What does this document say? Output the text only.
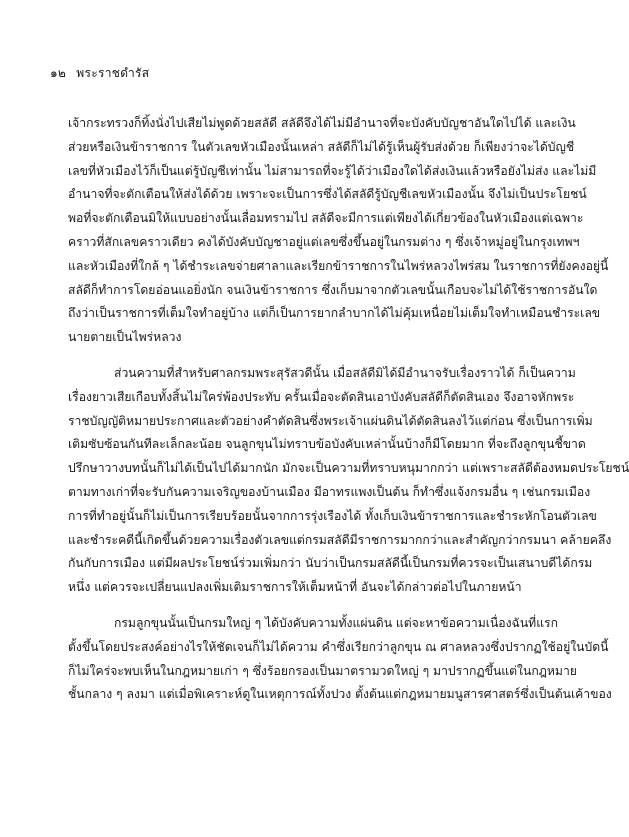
๑๒ พระราชดำรัส
เจ้ากระทรวงก็ทิ้งนั่งไปเสียไม่พูดด้วยสลัดี สลัดีจึงได้ไม่มีอำนาจที่จะบังคับบัญชาอันใดไปได้ และเงิน
ส่วยหรือเงินข้าราชการ ในตัวเลขหัวเมืองนั้นเหล่า สลัดีก็ไม่ได้รู้เห็นผู้รับส่งด้วย ก็เพียงว่าจะได้บัญชี
เลขที่หัวเมืองไว้ก็เป็นแต่รู้บัญชีเท่านั้น ไม่สามารถที่จะรู้ได้ว่าเมืองใดได้ส่งเงินแล้วหรือยังไม่ส่ง และไม่มี
อำนาจที่จะตักเตือนให้ส่งได้ด้วย เพราะจะเป็นการซึ่งได้สลัดีรู้บัญชีเลขหัวเมืองนั้น จึงไม่เป็นประโยชน์
พอที่จะตักเตือนมิให้แบบอย่างนั้นเลื่อมทรามไป สลัดีจะมีการแต่เพียงได้เกี่ยวข้องในหัวเมืองแต่เฉพาะ
คราวที่สักเลขคราวเดียว คงได้บังคับบัญชาอยู่แต่เลขซึ่งขึ้นอยู่ในกรมต่าง ๆ ซึ่งเจ้าหมู่อยู่ในกรุงเทพฯ
และหัวเมืองที่ใกล้ ๆ ได้ชำระเลขจ่ายศาลาและเรียกข้าราชการในไพร่หลวงไพร่สม ในราชการที่ยังคงอยู่นี้
สลัดีก็ทำการโดยอ่อนแอยิ่งนัก จนเงินข้าราชการ ซึ่งเก็บมาจากตัวเลขนั้นเกือบจะไม่ได้ใช้ราชการอันใด
ถึงว่าเป็นราชการที่เต็มใจทำอยู่บ้าง แต่ก็เป็นการยากลำบากได้ไม่คุ้มเหนื่อยไม่เต็มใจทำเหมือนชำระเลข
นายตายเป็นไพร่หลวง
ส่วนความที่สำหรับศาลกรมพระสุรัสวดีนั้น เมื่อสลัดีมิได้มีอำนาจรับเรื่องราวได้ ก็เป็นความ
เรื่องยาวเสียเกือบทั้งสิ้นไม่ใคร่พ้องประทับ ครั้นเมื่อจะตัดสินเอาบังคับสลัดีก็ตัดสินเอง จึงอาจหักพระ
ราชบัญญัติหมายประกาศและตัวอย่างคำตัดสินซึ่งพระเจ้าแผ่นดินได้ตัดสินลงไว้แต่ก่อน ซึ่งเป็นการเพิ่ม
เติมซับซ้อนกันทีละเล็กละน้อย จนลูกขุนไม่ทราบข้อบังคับเหล่านั้นบ้างก็มีโดยมาก ที่จะถึงลูกขุนชี้ขาด
ปรึกษาวางบทนั้นก็ไม่ได้เป็นไปได้มากนัก มักจะเป็นความที่ทราบหนุมากกว่า แต่เพราะสลัดีต้องหมดประโยชน์
ตามทางเก่าที่จะรับกันความเจริญของบ้านเมือง มีอาทรแพงเป็นต้น ก็ทำซึ่งแจ้งกรมอื่น ๆ เช่นกรมเมือง
การที่ทำอยู่นั้นก็ไม่เป็นการเรียบร้อยนั้นจากการรุ่งเรืองได้ ทั้งเก็บเงินข้าราชการและชำระหักโอนตัวเลข
และชำระคดีนี้เกิดขึ้นด้วยความเรื่องตัวเลขแต่กรมสลัดีมีราชการมากกว่าและสำคัญกว่ากรมนา คล้ายคลึง
กันกับการเมือง แต่มีผลประโยชน์ร่วมเพิ่มกว่า นับว่าเป็นกรมสลัดีนี้เป็นกรมที่ควรจะเป็นเสนาบดีได้กรม
หนึ่ง แต่ควรจะเปลี่ยนแปลงเพิ่มเติมราชการให้เต็มหน้าที่ อันจะได้กล่าวต่อไปในภายหน้า
กรมลูกขุนนั้นเป็นกรมใหญ่ ๆ ได้บังคับความทั้งแผ่นดิน แต่จะหาข้อความเนื่องฉันที่แรก
ตั้งขึ้นโดยประสงค์อย่างไรให้ชัดเจนก็ไม่ได้ความ คำซึ่งเรียกว่าลูกขุน ณ ศาลหลวงซึ่งปรากฏใช้อยู่ในบัดนี้
ก็ไม่ใคร่จะพบเห็นในกฎหมายเก่า ๆ ซึ่งร้อยกรองเป็นมาตรามวดใหญ่ ๆ มาปรากฏขึ้นแต่ในกฎหมาย
ชั้นกลาง ๆ ลงมา แต่เมื่อพิเคราะห์ดูในเหตุการณ์ทั้งปวง ตั้งต้นแต่กฎหมายมนูสารศาสตร์ซึ่งเป็นต้นเค้าของ
